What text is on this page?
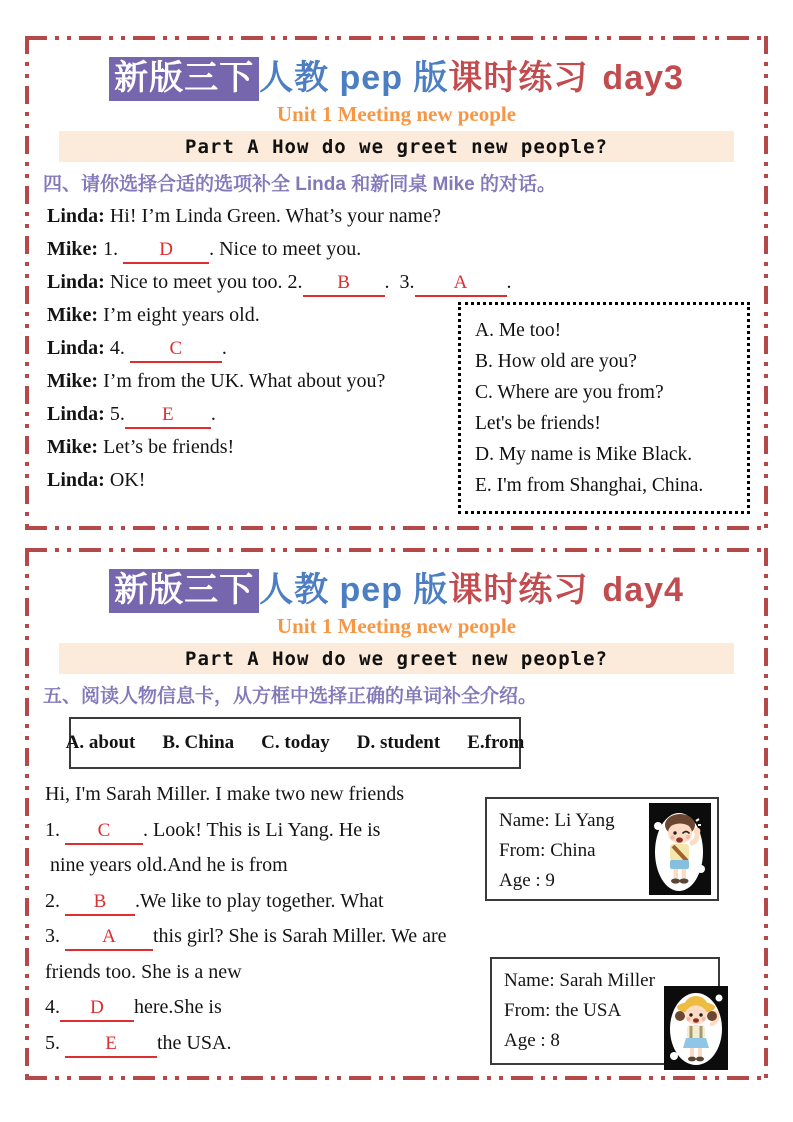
新版三下 人教 pep 版课时练习 day3
Unit 1 Meeting new people
Part A How do we greet new people?
四、请你选择合适的选项补全 Linda 和新同桌 Mike 的对话。
Linda: Hi! I’m Linda Green. What’s your name?
Mike: 1. D . Nice to meet you.
Linda: Nice to meet you too. 2. B .  3. A .
Mike: I’m eight years old.
Linda: 4. C .
Mike: I’m from the UK. What about you?
Linda: 5. E .
Mike: Let’s be friends!
Linda: OK!
A. Me too!
B. How old are you?
C. Where are you from?
Let's be friends!
D. My name is Mike Black.
E. I'm from Shanghai, China.
新版三下 人教 pep 版课时练习 day4
Unit 1 Meeting new people
Part A How do we greet new people?
五、阅读人物信息卡，从方框中选择正确的单词补全介绍。
A. about B. China C. today D. student E.from
Hi, I'm Sarah Miller. I make two new friends
1. C . Look! This is Li Yang. He is
nine years old.And he is from
2. B .We like to play together. What
3. A this girl? She is Sarah Miller. We are
friends too. She is a new
4. D here.She is
5. E the USA.
Name: Li Yang
From: China
Age : 9
Name: Sarah Miller
From: the USA
Age : 8
